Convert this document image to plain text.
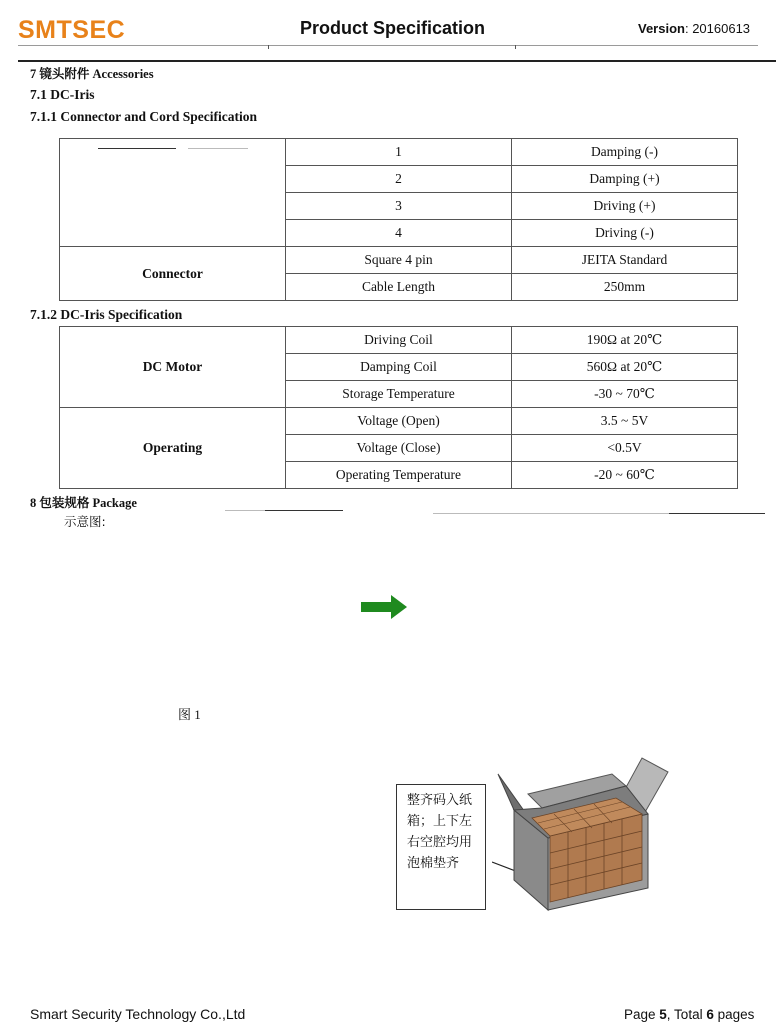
SMTSEC	Product Specification	Version: 20160613
7 镜头附件 Accessories
7.1 DC-Iris
7.1.1 Connector and Cord Specification
	1	Damping (-)
	2	Damping (+)
	3	Driving (+)
	4	Driving (-)
Connector	Square 4 pin	JEITA Standard
	Cable Length	250mm
7.1.2 DC-Iris Specification
DC Motor	Driving Coil	190Ω at 20℃
	Damping Coil	560Ω at 20℃
	Storage Temperature	-30 ~ 70℃
Operating	Voltage (Open)	3.5 ~ 5V
	Voltage (Close)	<0.5V
	Operating Temperature	-20 ~ 60℃
8 包装规格 Package
示意图:
图 1
整齐码入纸
箱；上下左
右空腔均用
泡棉垫齐
Smart Security Technology Co.,Ltd	Page 5, Total 6 pages
